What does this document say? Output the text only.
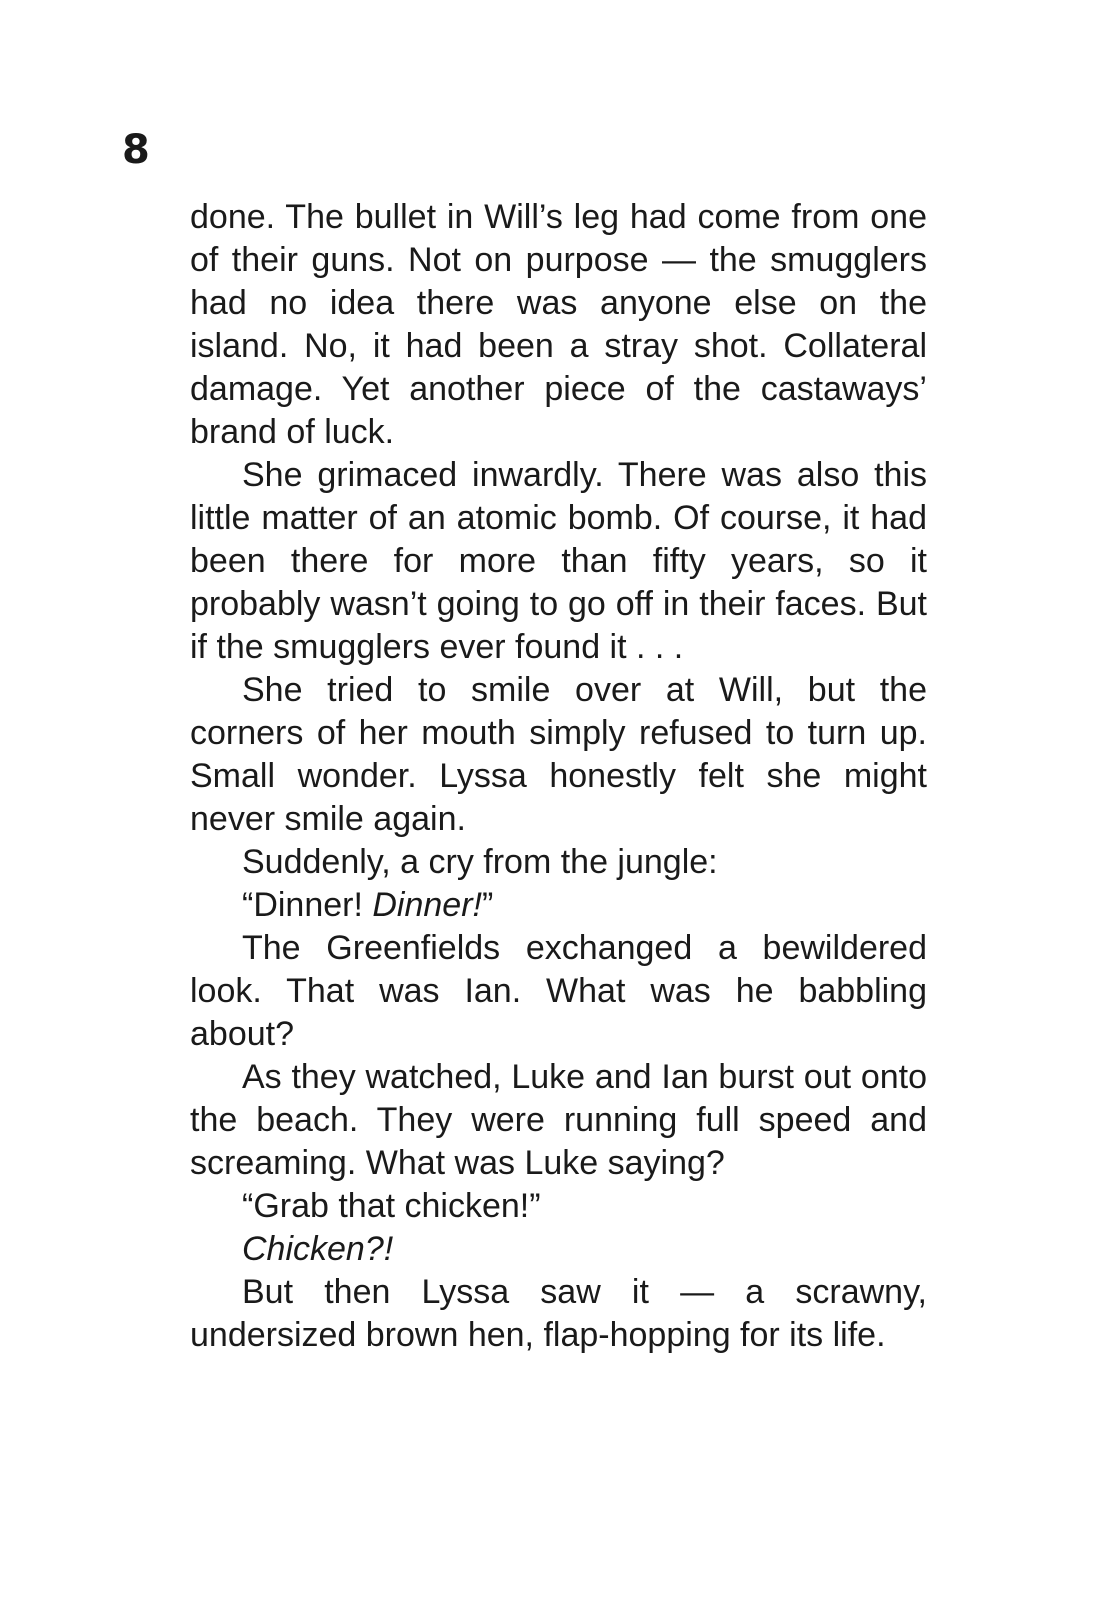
8

done. The bullet in Will’s leg had come from one of their guns. Not on purpose — the smugglers had no idea there was anyone else on the island. No, it had been a stray shot. Collateral damage. Yet another piece of the castaways’ brand of luck.

She grimaced inwardly. There was also this little matter of an atomic bomb. Of course, it had been there for more than fifty years, so it probably wasn’t going to go off in their faces. But if the smugglers ever found it . . .

She tried to smile over at Will, but the corners of her mouth simply refused to turn up. Small wonder. Lyssa honestly felt she might never smile again.

Suddenly, a cry from the jungle:

“Dinner! Dinner!”

The Greenfields exchanged a bewildered look. That was Ian. What was he babbling about?

As they watched, Luke and Ian burst out onto the beach. They were running full speed and screaming. What was Luke saying?

“Grab that chicken!”

Chicken?!

But then Lyssa saw it — a scrawny, undersized brown hen, flap-hopping for its life.
